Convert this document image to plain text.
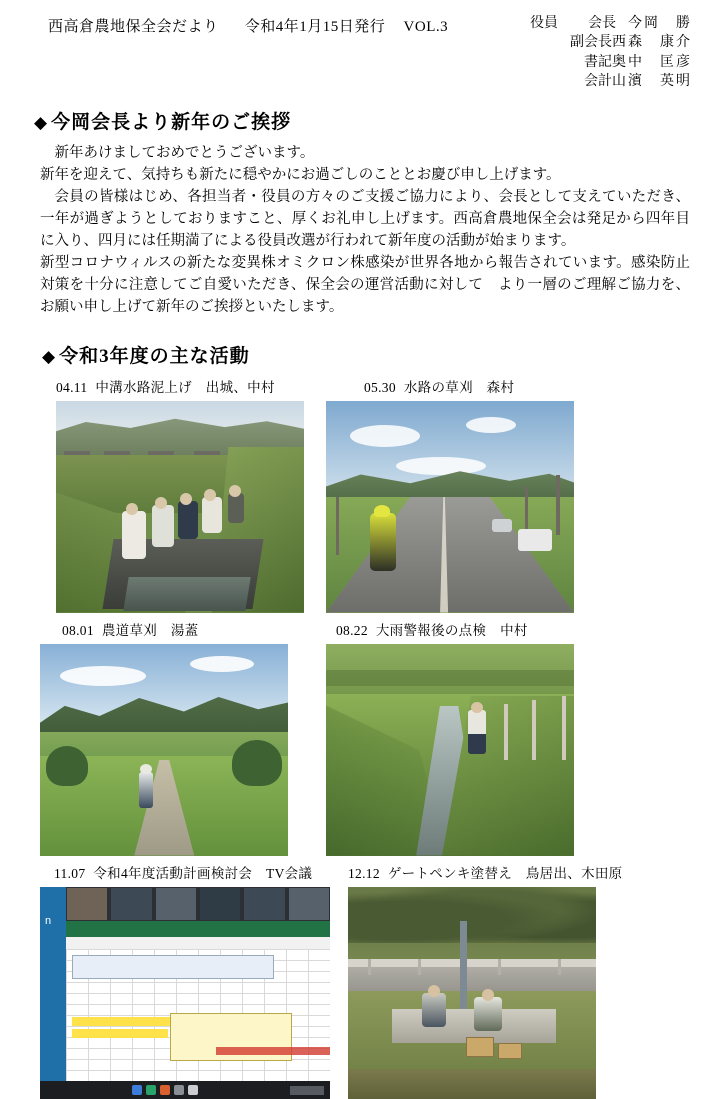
西高倉農地保全会だより 令和4年1月15日発行 VOL.3	役員	会長 今岡　勝
副会長 西森　康介
書記 奥中　匡彦
会計 山濱　英明
◆ 今岡会長より新年のご挨拶

新年あけましておめでとうございます。

新年を迎えて、気持ちも新たに穏やかにお過ごしのこととお慶び申し上げます。

会員の皆様はじめ、各担当者・役員の方々のご支援ご協力により、会長として支えていただき、一年が過ぎようとしておりますこと、厚くお礼申し上げます。西高倉農地保全会は発足から四年目に入り、四月には任期満了による役員改選が行われて新年度の活動が始まります。

新型コロナウィルスの新たな変異株オミクロン株感染が世界各地から報告されています。感染防止対策を十分に注意してご自愛いただき、保全会の運営活動に対して　より一層のご理解ご協力を、お願い申し上げて新年のご挨拶といたします。

◆ 令和3年度の主な活動
04.11 中溝水路泥上げ　出城、中村	05.30 水路の草刈　森村
08.01 農道草刈　湯蓋	08.22 大雨警報後の点検　中村
11.07 令和4年度活動計画検討会　TV会議
n
12.12 ゲートペンキ塗替え　鳥居出、木田原
